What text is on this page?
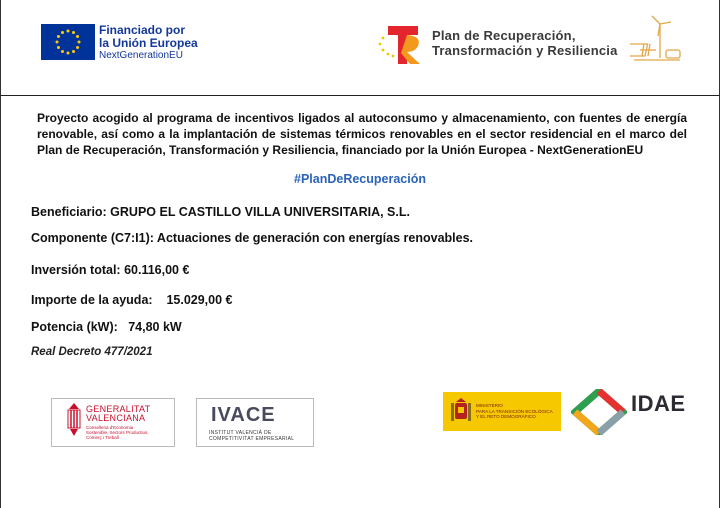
Financiado por
la Unión Europea
NextGenerationEU
Plan de Recuperación,
Transformación y Resiliencia
Proyecto acogido al programa de incentivos ligados al autoconsumo y almacenamiento, con fuentes de energía renovable, así como a la implantación de sistemas térmicos renovables en el sector residencial en el marco del Plan de Recuperación, Transformación y Resiliencia, financiado por la Unión Europea - NextGenerationEU
#PlanDeRecuperación
Beneficiario: GRUPO EL CASTILLO VILLA UNIVERSITARIA, S.L.
Componente (C7:I1): Actuaciones de generación con energías renovables.
Inversión total: 60.116,00 €
Importe de la ayuda:    15.029,00 €
Potencia (kW):   74,80 kW
Real Decreto 477/2021
GENERALITAT
VALENCIANA
Conselleria d'Economia
Sostenible, Sectors Productius,
Comerç i Treball
IVACE
INSTITUT VALENCIÀ DE
COMPETITIVITAT EMPRESARIAL
MINISTERIO
PARA LA TRANSICIÓN ECOLÓGICA
Y EL RETO DEMOGRÁFICO
IDAE
